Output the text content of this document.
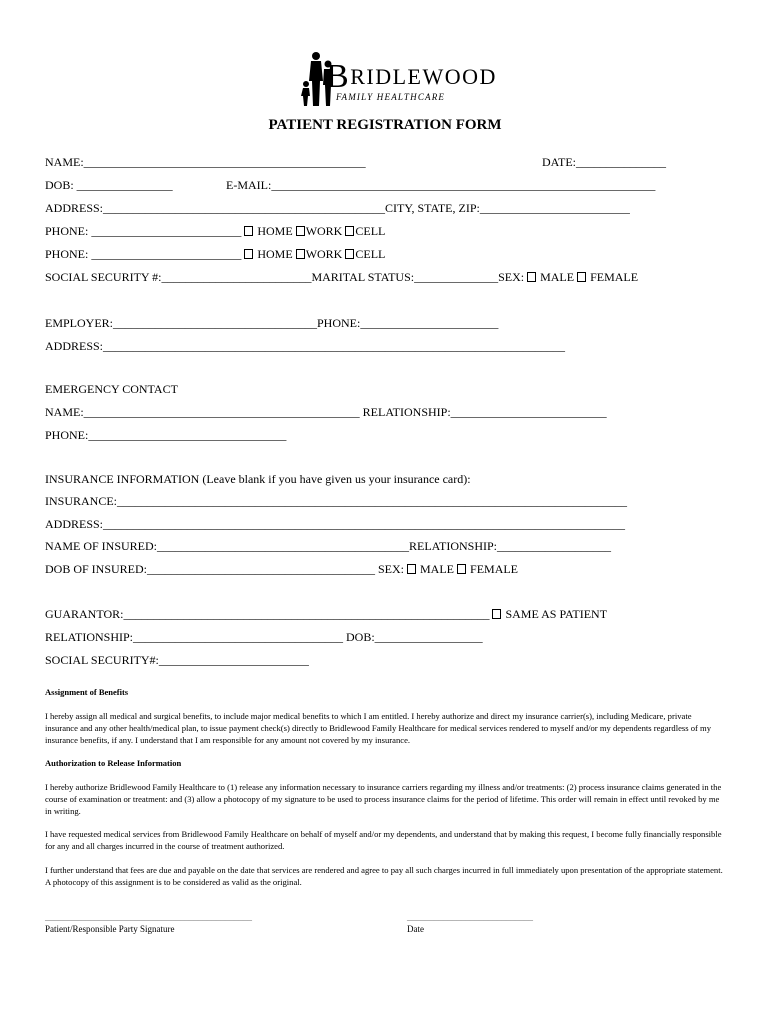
BRIDLEWOOD
FAMILY HEALTHCARE
PATIENT REGISTRATION FORM
NAME:_______________________________________________	DATE:_______________
DOB: ________________	E-MAIL:________________________________________________________________
ADDRESS:_______________________________________________CITY, STATE, ZIP:_________________________
PHONE: _________________________ HOME WORK CELL
PHONE: _________________________ HOME WORK CELL
SOCIAL SECURITY #:_________________________MARITAL STATUS:______________SEX: MALE FEMALE
EMPLOYER:__________________________________PHONE:_______________________
ADDRESS:_____________________________________________________________________________
EMERGENCY CONTACT
NAME:______________________________________________ RELATIONSHIP:__________________________
PHONE:_________________________________
INSURANCE INFORMATION (Leave blank if you have given us your insurance card):
INSURANCE:_____________________________________________________________________________________
ADDRESS:_______________________________________________________________________________________
NAME OF INSURED:__________________________________________RELATIONSHIP:___________________
DOB OF INSURED:______________________________________ SEX: MALE FEMALE
GUARANTOR:_____________________________________________________________ SAME AS PATIENT
RELATIONSHIP:___________________________________ DOB:__________________
SOCIAL SECURITY#:_________________________
Assignment of Benefits
I hereby assign all medical and surgical benefits, to include major medical benefits to which I am entitled. I hereby authorize and direct my insurance carrier(s), including Medicare, private insurance and any other health/medical plan, to issue payment check(s) directly to Bridlewood Family Healthcare for medical services rendered to myself and/or my dependents regardless of my insurance benefits, if any. I understand that I am responsible for any amount not covered by my insurance.
Authorization to Release Information
I hereby authorize Bridlewood Family Healthcare to (1) release any information necessary to insurance carriers regarding my illness and/or treatments: (2) process insurance claims generated in the course of examination or treatment: and (3) allow a photocopy of my signature to be used to process insurance claims for the period of lifetime. This order will remain in effect until revoked by me in writing.
I have requested medical services from Bridlewood Family Healthcare on behalf of myself and/or my dependents, and understand that by making this request, I become fully financially responsible for any and all charges incurred in the course of treatment authorized.
I further understand that fees are due and payable on the date that services are rendered and agree to pay all such charges incurred in full immediately upon presentation of the appropriate statement. A photocopy of this assignment is to be considered as valid as the original.
______________________________________________
Patient/Responsible Party Signature
____________________________
Date
